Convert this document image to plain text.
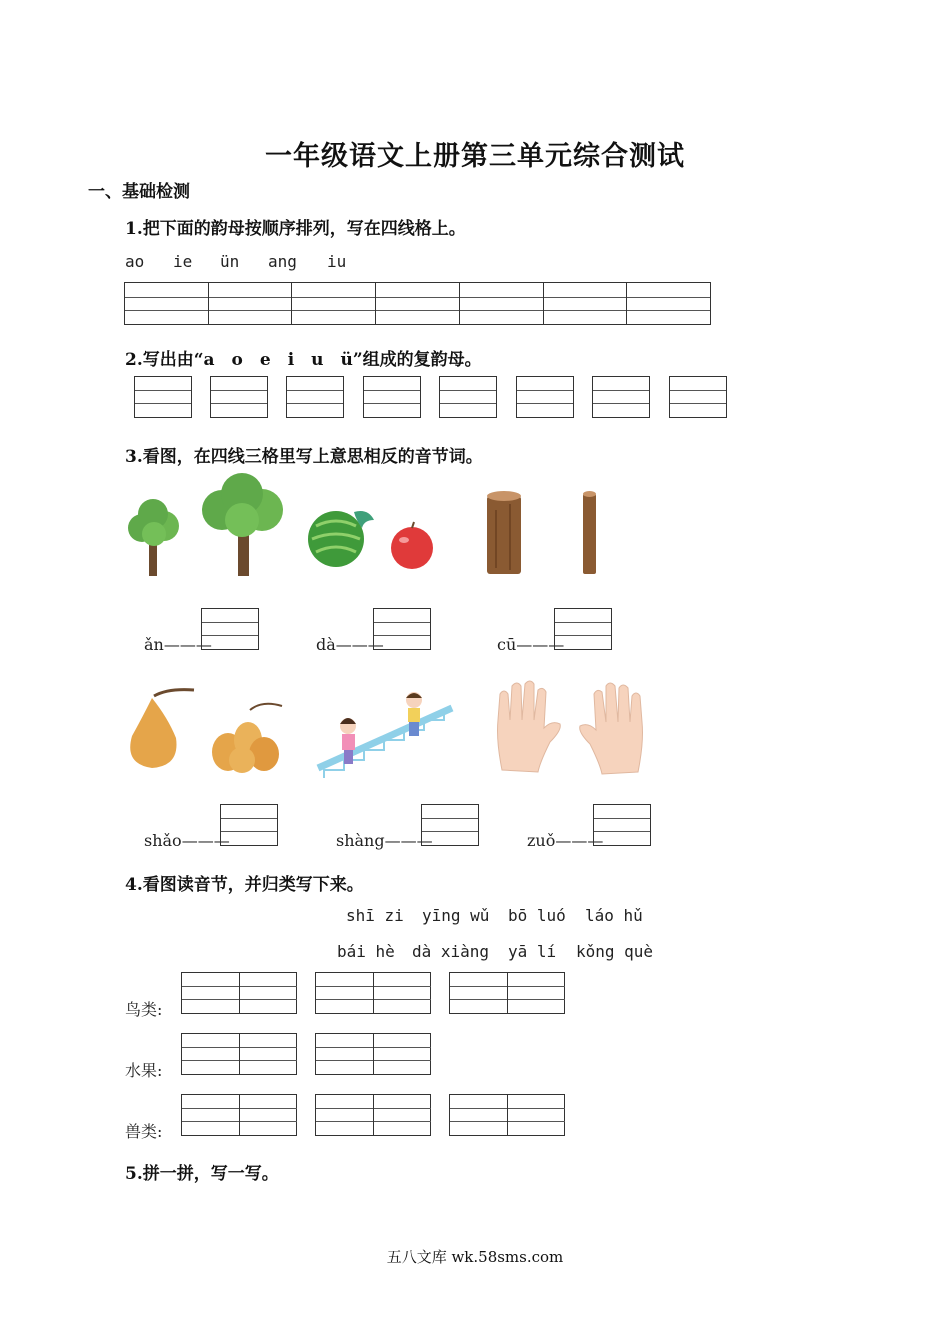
一年级语文上册第三单元综合测试
一、基础检测
1.把下面的韵母按顺序排列，写在四线格上。
ao ie ün ang iu
2.写出由“a　o　e　i　u　ü”组成的复韵母。
3.看图，在四线三格里写上意思相反的音节词。
ǎn———	dà———	cū———
shǎo———	shàng———	zuǒ———
4.看图读音节，并归类写下来。
shī zi yīng wǔ bō luó láo hǔ
bái hè dà xiàng yā lí kǒng què
鸟类:
水果:
兽类:
5.拼一拼，写一写。
五八文库 wk.58sms.com
